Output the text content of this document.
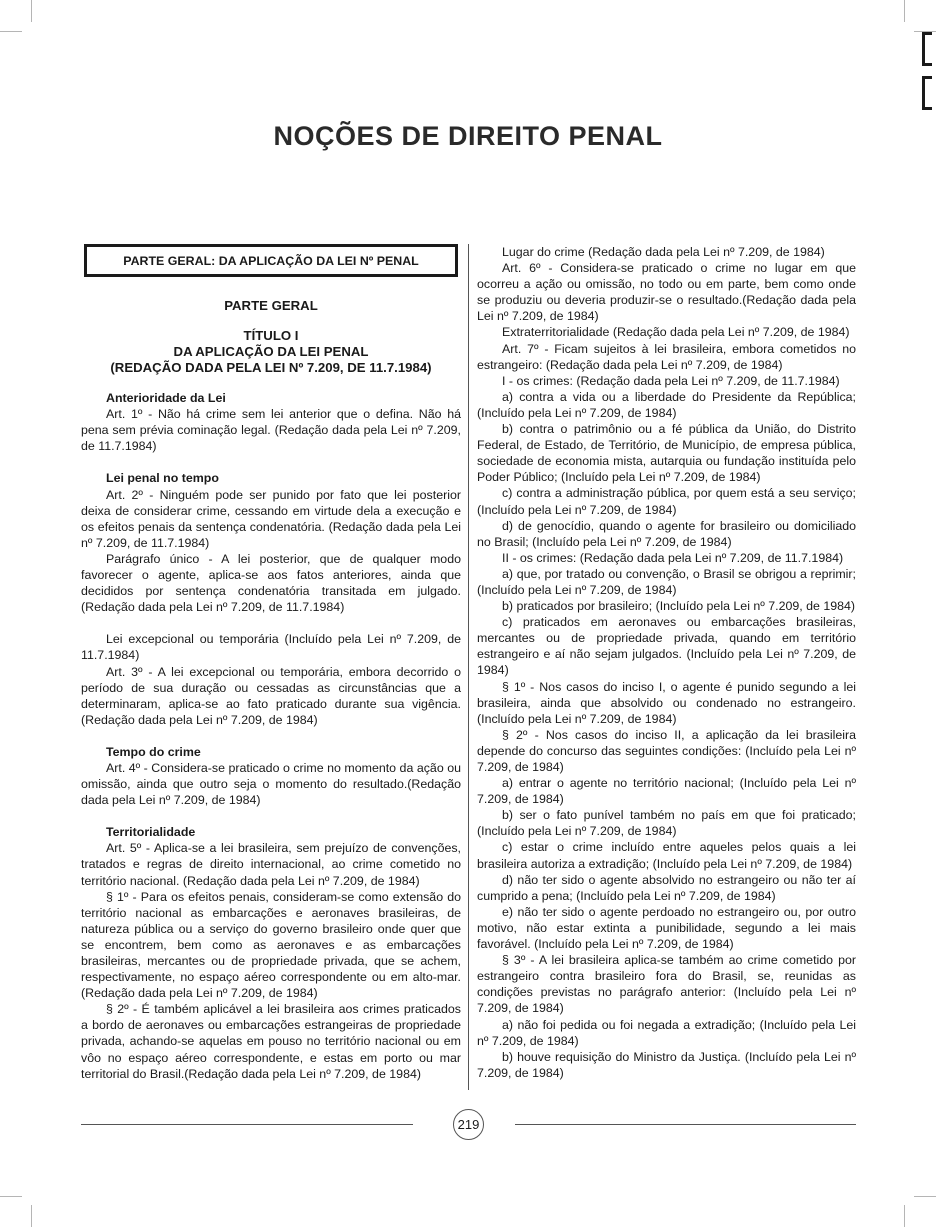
NOÇÕES DE DIREITO PENAL
PARTE GERAL: DA APLICAÇÃO DA LEI Nº PENAL
PARTE GERAL
TÍTULO I
DA APLICAÇÃO DA LEI PENAL
(REDAÇÃO DADA PELA LEI Nº 7.209, DE 11.7.1984)
Anterioridade da Lei

Art. 1º - Não há crime sem lei anterior que o defina. Não há pena sem prévia cominação legal. (Redação dada pela Lei nº 7.209, de 11.7.1984)

Lei penal no tempo

Art. 2º - Ninguém pode ser punido por fato que lei posterior deixa de considerar crime, cessando em virtude dela a execução e os efeitos penais da sentença condenatória. (Redação dada pela Lei nº 7.209, de 11.7.1984)

Parágrafo único - A lei posterior, que de qualquer modo favorecer o agente, aplica-se aos fatos anteriores, ainda que decididos por sentença condenatória transitada em julgado. (Redação dada pela Lei nº 7.209, de 11.7.1984)

Lei excepcional ou temporária (Incluído pela Lei nº 7.209, de 11.7.1984)

Art. 3º - A lei excepcional ou temporária, embora decorrido o período de sua duração ou cessadas as circunstâncias que a determinaram, aplica-se ao fato praticado durante sua vigência. (Redação dada pela Lei nº 7.209, de 1984)

Tempo do crime

Art. 4º - Considera-se praticado o crime no momento da ação ou omissão, ainda que outro seja o momento do resultado.(Redação dada pela Lei nº 7.209, de 1984)

Territorialidade

Art. 5º - Aplica-se a lei brasileira, sem prejuízo de convenções, tratados e regras de direito internacional, ao crime cometido no território nacional. (Redação dada pela Lei nº 7.209, de 1984)

§ 1º - Para os efeitos penais, consideram-se como extensão do território nacional as embarcações e aeronaves brasileiras, de natureza pública ou a serviço do governo brasileiro onde quer que se encontrem, bem como as aeronaves e as embarcações brasileiras, mercantes ou de propriedade privada, que se achem, respectivamente, no espaço aéreo correspondente ou em alto-mar. (Redação dada pela Lei nº 7.209, de 1984)

§ 2º - É também aplicável a lei brasileira aos crimes praticados a bordo de aeronaves ou embarcações estrangeiras de propriedade privada, achando-se aquelas em pouso no território nacional ou em vôo no espaço aéreo correspondente, e estas em porto ou mar territorial do Brasil.(Redação dada pela Lei nº 7.209, de 1984)

Lugar do crime (Redação dada pela Lei nº 7.209, de 1984)

Art. 6º - Considera-se praticado o crime no lugar em que ocorreu a ação ou omissão, no todo ou em parte, bem como onde se produziu ou deveria produzir-se o resultado.(Redação dada pela Lei nº 7.209, de 1984)

Extraterritorialidade (Redação dada pela Lei nº 7.209, de 1984)

Art. 7º - Ficam sujeitos à lei brasileira, embora cometidos no estrangeiro: (Redação dada pela Lei nº 7.209, de 1984)

I - os crimes: (Redação dada pela Lei nº 7.209, de 11.7.1984)

a) contra a vida ou a liberdade do Presidente da República; (Incluído pela Lei nº 7.209, de 1984)

b) contra o patrimônio ou a fé pública da União, do Distrito Federal, de Estado, de Território, de Município, de empresa pública, sociedade de economia mista, autarquia ou fundação instituída pelo Poder Público; (Incluído pela Lei nº 7.209, de 1984)

c) contra a administração pública, por quem está a seu serviço; (Incluído pela Lei nº 7.209, de 1984)

d) de genocídio, quando o agente for brasileiro ou domiciliado no Brasil; (Incluído pela Lei nº 7.209, de 1984)

II - os crimes: (Redação dada pela Lei nº 7.209, de 11.7.1984)

a) que, por tratado ou convenção, o Brasil se obrigou a reprimir; (Incluído pela Lei nº 7.209, de 1984)

b) praticados por brasileiro; (Incluído pela Lei nº 7.209, de 1984)

c) praticados em aeronaves ou embarcações brasileiras, mercantes ou de propriedade privada, quando em território estrangeiro e aí não sejam julgados. (Incluído pela Lei nº 7.209, de 1984)

§ 1º - Nos casos do inciso I, o agente é punido segundo a lei brasileira, ainda que absolvido ou condenado no estrangeiro.(Incluído pela Lei nº 7.209, de 1984)

§ 2º - Nos casos do inciso II, a aplicação da lei brasileira depende do concurso das seguintes condições: (Incluído pela Lei nº 7.209, de 1984)

a) entrar o agente no território nacional; (Incluído pela Lei nº 7.209, de 1984)

b) ser o fato punível também no país em que foi praticado; (Incluído pela Lei nº 7.209, de 1984)

c) estar o crime incluído entre aqueles pelos quais a lei brasileira autoriza a extradição; (Incluído pela Lei nº 7.209, de 1984)

d) não ter sido o agente absolvido no estrangeiro ou não ter aí cumprido a pena; (Incluído pela Lei nº 7.209, de 1984)

e) não ter sido o agente perdoado no estrangeiro ou, por outro motivo, não estar extinta a punibilidade, segundo a lei mais favorável. (Incluído pela Lei nº 7.209, de 1984)

§ 3º - A lei brasileira aplica-se também ao crime cometido por estrangeiro contra brasileiro fora do Brasil, se, reunidas as condições previstas no parágrafo anterior: (Incluído pela Lei nº 7.209, de 1984)

a) não foi pedida ou foi negada a extradição; (Incluído pela Lei nº 7.209, de 1984)

b) houve requisição do Ministro da Justiça. (Incluído pela Lei nº 7.209, de 1984)

219
